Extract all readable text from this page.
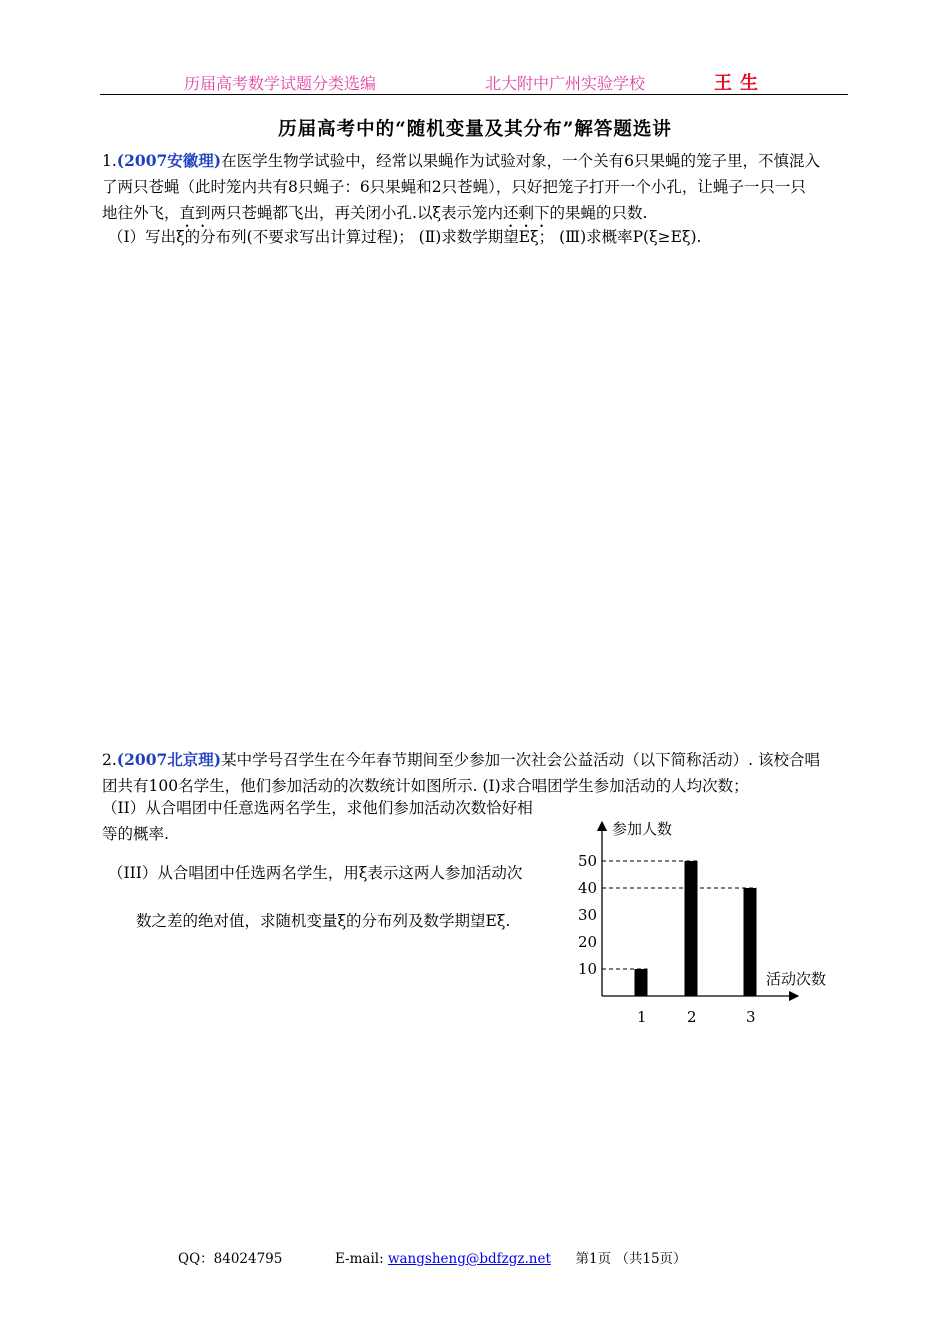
历届高考数学试题分类选编	北大附中广州实验学校	王生
历届高考中的“随机变量及其分布”解答题选讲
1.(2007安徽理)在医学生物学试验中，经常以果蝇作为试验对象，一个关有6只果蝇的笼子里，不慎混入
了两只苍蝇（此时笼内共有8只蝇子：6只果蝇和2只苍蝇），只好把笼子打开一个小孔，让蝇子一只一只
地往外飞，直到两只苍蝇都飞出，再关闭小孔.以ξ表示笼内还剩下的果蝇的只数.
（Ⅰ）写出ξ的分布列(不要求写出计算过程)； (Ⅱ)求数学期望Eξ； (Ⅲ)求概率P(ξ≥Eξ).
2.(2007北京理)某中学号召学生在今年春节期间至少参加一次社会公益活动（以下简称活动）. 该校合唱
团共有100名学生，他们参加活动的次数统计如图所示. (I)求合唱团学生参加活动的人均次数；
（II）从合唱团中任意选两名学生，求他们参加活动次数恰好相
等的概率.
（III）从合唱团中任选两名学生，用ξ表示这两人参加活动次
数之差的绝对值，求随机变量ξ的分布列及数学期望Eξ.
参加人数
活动次数
10
20
30
40
50
1	2	3
QQ：84024795	E-mail: wangsheng@bdfzgz.net 第1页 （共15页）
